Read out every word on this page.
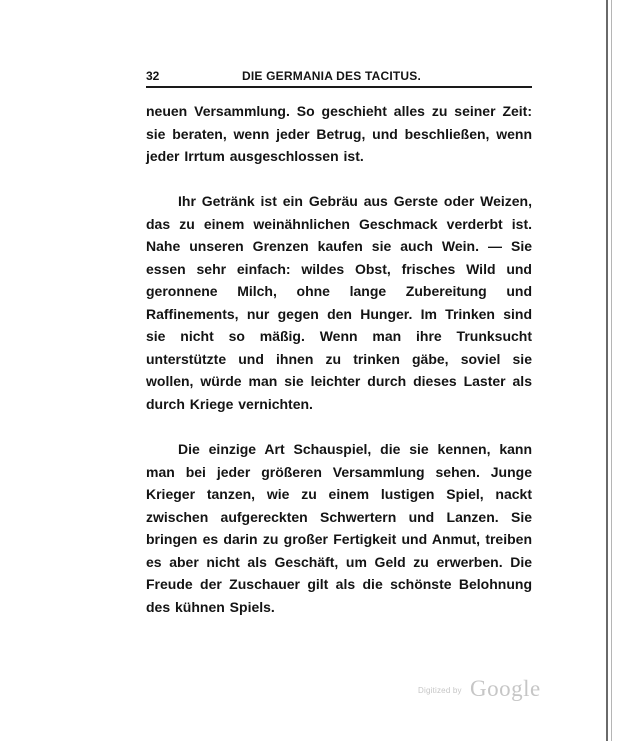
32	DIE GERMANIA DES TACITUS.

neuen Versammlung. So geschieht alles zu seiner Zeit: sie beraten, wenn jeder Betrug, und beschließen, wenn jeder Irrtum ausgeschlossen ist.

Ihr Getränk ist ein Gebräu aus Gerste oder Weizen, das zu einem weinähnlichen Geschmack verderbt ist. Nahe unseren Grenzen kaufen sie auch Wein. — Sie essen sehr einfach: wildes Obst, frisches Wild und geronnene Milch, ohne lange Zubereitung und Raffinements, nur gegen den Hunger. Im Trinken sind sie nicht so mäßig. Wenn man ihre Trunksucht unterstützte und ihnen zu trinken gäbe, soviel sie wollen, würde man sie leichter durch dieses Laster als durch Kriege vernichten.

Die einzige Art Schauspiel, die sie kennen, kann man bei jeder größeren Versammlung sehen. Junge Krieger tanzen, wie zu einem lustigen Spiel, nackt zwischen aufgereckten Schwertern und Lanzen. Sie bringen es darin zu großer Fertigkeit und Anmut, treiben es aber nicht als Geschäft, um Geld zu erwerben. Die Freude der Zuschauer gilt als die schönste Belohnung des kühnen Spiels.

Digitized by Google
